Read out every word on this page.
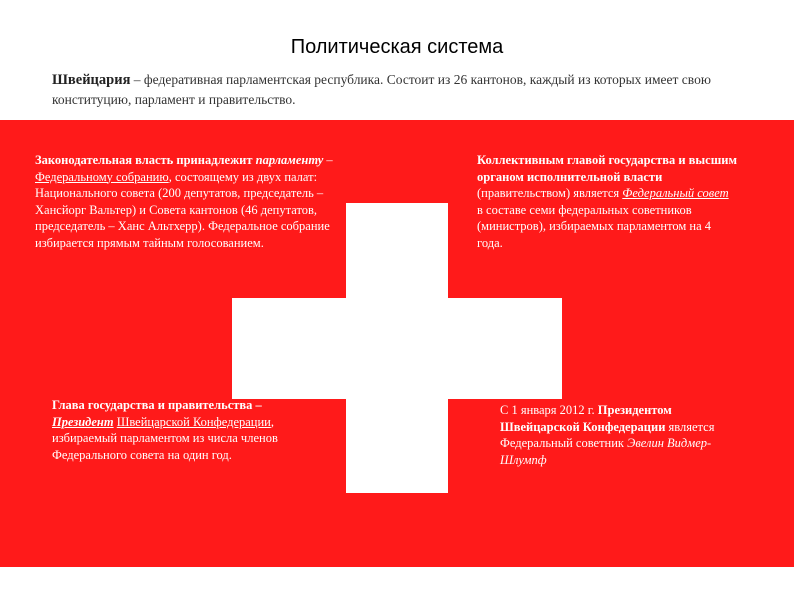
Политическая система
Швейцария – федеративная парламентская республика. Состоит из 26 кантонов, каждый из которых имеет свою конституцию, парламент и правительство.
Законодательная власть принадлежит парламенту – Федеральному собранию, состоящему из двух палат: Национального совета (200 депутатов, председатель – Хансйорг Вальтер) и Совета кантонов (46 депутатов, председатель – Ханс Альтхерр). Федеральное собрание избирается прямым тайным голосованием.
Коллективным главой государства и высшим органом исполнительной власти (правительством) является Федеральный совет в составе семи федеральных советников (министров), избираемых парламентом на 4 года.
Глава государства и правительства – Президент Швейцарской Конфедерации, избираемый парламентом из числа членов Федерального совета на один год.
С 1 января 2012 г. Президентом Швейцарской Конфедерации является Федеральный советник Эвелин Видмер-Шлумпф
